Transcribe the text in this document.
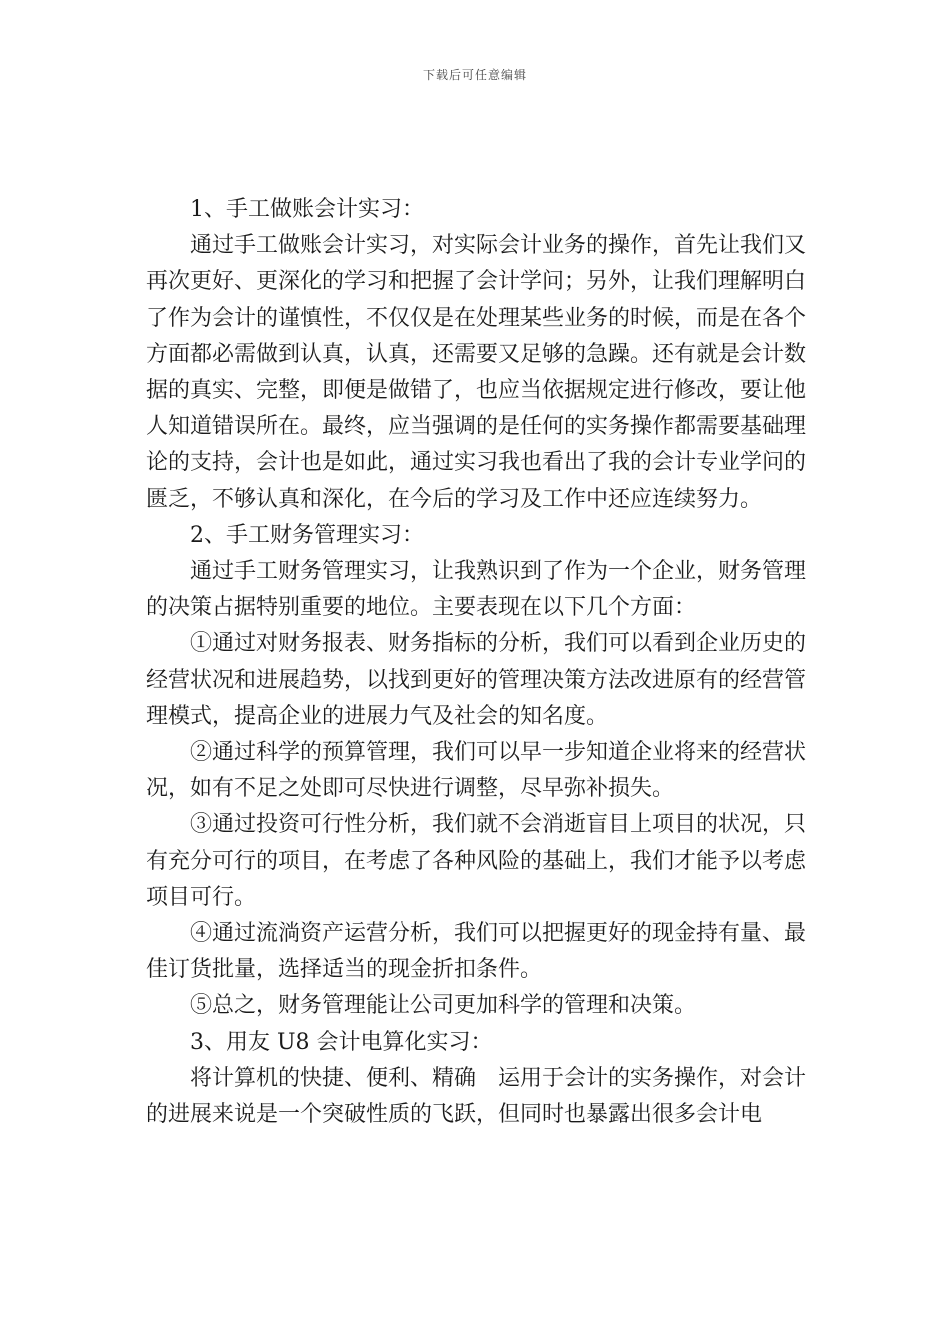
下载后可任意编辑

1、手工做账会计实习：

通过手工做账会计实习，对实际会计业务的操作，首先让我们又再次更好、更深化的学习和把握了会计学问；另外，让我们理解明白了作为会计的谨慎性，不仅仅是在处理某些业务的时候，而是在各个方面都必需做到认真，认真，还需要又足够的急躁。还有就是会计数据的真实、完整，即便是做错了，也应当依据规定进行修改，要让他人知道错误所在。最终，应当强调的是任何的实务操作都需要基础理论的支持，会计也是如此，通过实习我也看出了我的会计专业学问的匮乏，不够认真和深化，在今后的学习及工作中还应连续努力。

2、手工财务管理实习：

通过手工财务管理实习，让我熟识到了作为一个企业，财务管理的决策占据特别重要的地位。主要表现在以下几个方面：

①通过对财务报表、财务指标的分析，我们可以看到企业历史的经营状况和进展趋势，以找到更好的管理决策方法改进原有的经营管理模式，提高企业的进展力气及社会的知名度。

②通过科学的预算管理，我们可以早一步知道企业将来的经营状况，如有不足之处即可尽快进行调整，尽早弥补损失。

③通过投资可行性分析，我们就不会消逝盲目上项目的状况，只有充分可行的项目，在考虑了各种风险的基础上，我们才能予以考虑项目可行。

④通过流淌资产运营分析，我们可以把握更好的现金持有量、最佳订货批量，选择适当的现金折扣条件。

⑤总之，财务管理能让公司更加科学的管理和决策。

3、用友 U8 会计电算化实习：

将计算机的快捷、便利、精确　运用于会计的实务操作，对会计的进展来说是一个突破性质的飞跃，但同时也暴露出很多会计电
